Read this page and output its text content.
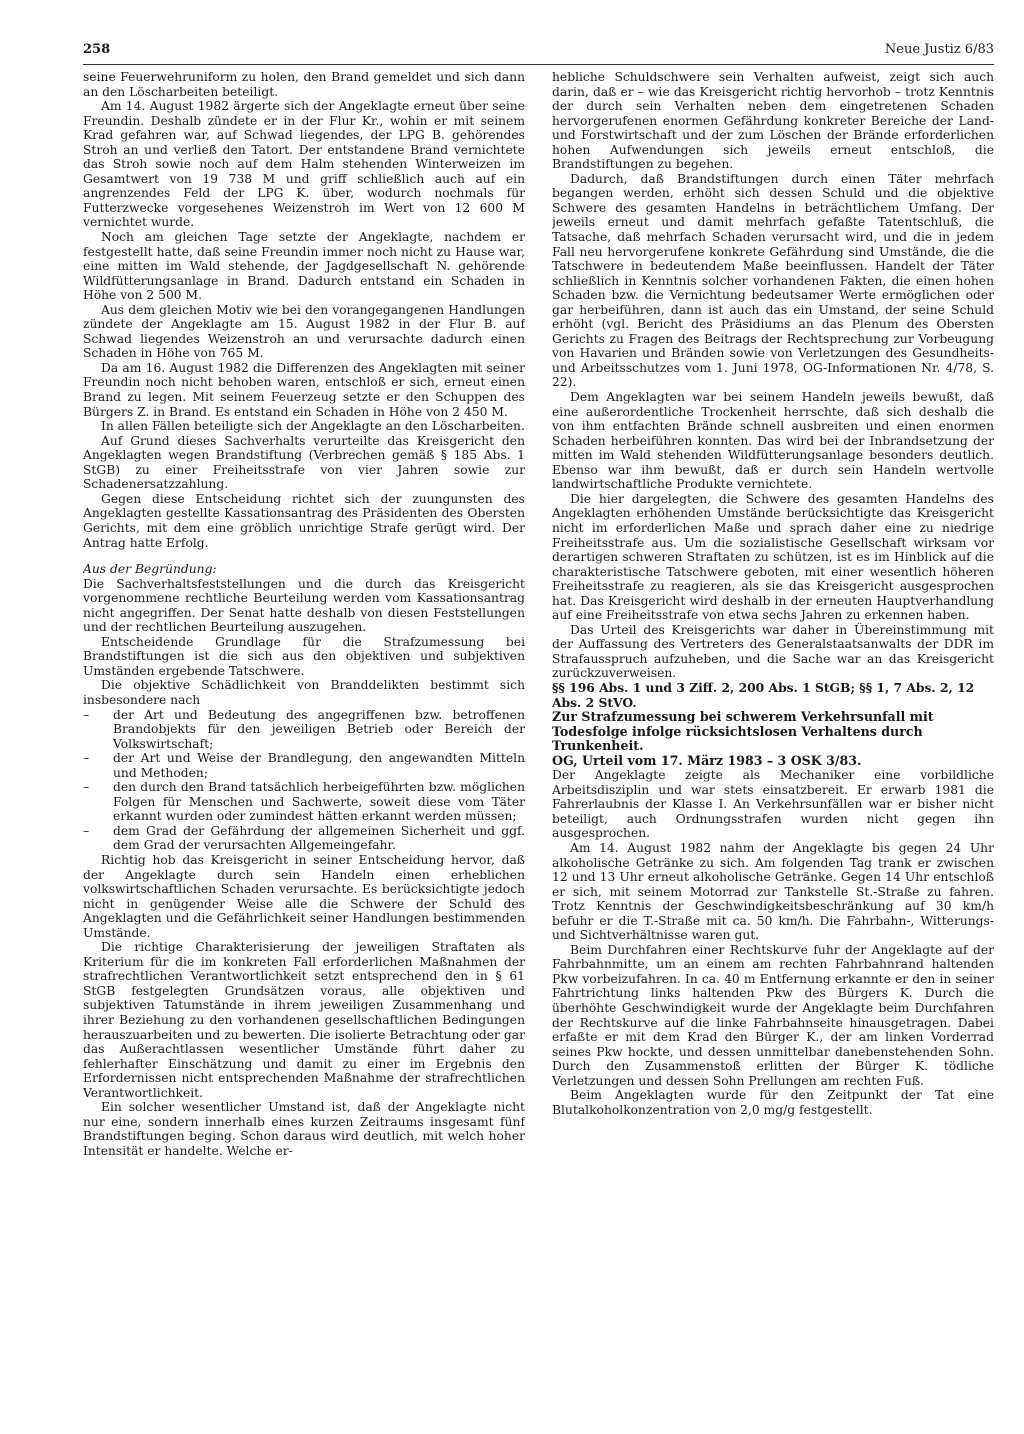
258	Neue Justiz 6/83

seine Feuerwehruniform zu holen, den Brand gemeldet und sich dann an den Löscharbeiten beteiligt.

Am 14. August 1982 ärgerte sich der Angeklagte erneut über seine Freundin. Deshalb zündete er in der Flur Kr., wohin er mit seinem Krad gefahren war, auf Schwad liegendes, der LPG B. gehörendes Stroh an und verließ den Tatort. Der entstandene Brand vernichtete das Stroh sowie noch auf dem Halm stehenden Winterweizen im Gesamtwert von 19 738 M und griff schließlich auch auf ein angrenzendes Feld der LPG K. über, wodurch nochmals für Futterzwecke vorgesehenes Weizenstroh im Wert von 12 600 M vernichtet wurde.

Noch am gleichen Tage setzte der Angeklagte, nachdem er festgestellt hatte, daß seine Freundin immer noch nicht zu Hause war, eine mitten im Wald stehende, der Jagdgesellschaft N. gehörende Wildfütterungsanlage in Brand. Dadurch entstand ein Schaden in Höhe von 2 500 M.

Aus dem gleichen Motiv wie bei den vorangegangenen Handlungen zündete der Angeklagte am 15. August 1982 in der Flur B. auf Schwad liegendes Weizenstroh an und verursachte dadurch einen Schaden in Höhe von 765 M.

Da am 16. August 1982 die Differenzen des Angeklagten mit seiner Freundin noch nicht behoben waren, entschloß er sich, erneut einen Brand zu legen. Mit seinem Feuerzeug setzte er den Schuppen des Bürgers Z. in Brand. Es entstand ein Schaden in Höhe von 2 450 M.

In allen Fällen beteiligte sich der Angeklagte an den Löscharbeiten.

Auf Grund dieses Sachverhalts verurteilte das Kreisgericht den Angeklagten wegen Brandstiftung (Verbrechen gemäß § 185 Abs. 1 StGB) zu einer Freiheitsstrafe von vier Jahren sowie zur Schadenersatzzahlung.

Gegen diese Entscheidung richtet sich der zuungunsten des Angeklagten gestellte Kassationsantrag des Präsidenten des Obersten Gerichts, mit dem eine gröblich unrichtige Strafe gerügt wird. Der Antrag hatte Erfolg.

Aus der Begründung:

Die Sachverhaltsfeststellungen und die durch das Kreisgericht vorgenommene rechtliche Beurteilung werden vom Kassationsantrag nicht angegriffen. Der Senat hatte deshalb von diesen Feststellungen und der rechtlichen Beurteilung auszugehen.

Entscheidende Grundlage für die Strafzumessung bei Brandstiftungen ist die sich aus den objektiven und subjektiven Umständen ergebende Tatschwere.

Die objektive Schädlichkeit von Branddelikten bestimmt sich insbesondere nach

– der Art und Bedeutung des angegriffenen bzw. betroffenen Brandobjekts für den jeweiligen Betrieb oder Bereich der Volkswirtschaft;
– der Art und Weise der Brandlegung, den angewandten Mitteln und Methoden;
– den durch den Brand tatsächlich herbeigeführten bzw. möglichen Folgen für Menschen und Sachwerte, soweit diese vom Täter erkannt wurden oder zumindest hätten erkannt werden müssen;
– dem Grad der Gefährdung der allgemeinen Sicherheit und ggf. dem Grad der verursachten Allgemeingefahr.

Richtig hob das Kreisgericht in seiner Entscheidung hervor, daß der Angeklagte durch sein Handeln einen erheblichen volkswirtschaftlichen Schaden verursachte. Es berücksichtigte jedoch nicht in genügender Weise alle die Schwere der Schuld des Angeklagten und die Gefährlichkeit seiner Handlungen bestimmenden Umstände.

Die richtige Charakterisierung der jeweiligen Straftaten als Kriterium für die im konkreten Fall erforderlichen Maßnahmen der strafrechtlichen Verantwortlichkeit setzt entsprechend den in § 61 StGB festgelegten Grundsätzen voraus, alle objektiven und subjektiven Tatumstände in ihrem jeweiligen Zusammenhang und ihrer Beziehung zu den vorhandenen gesellschaftlichen Bedingungen herauszuarbeiten und zu bewerten. Die isolierte Betrachtung oder gar das Außerachtlassen wesentlicher Umstände führt daher zu fehlerhafter Einschätzung und damit zu einer im Ergebnis den Erfordernissen nicht entsprechenden Maßnahme der strafrechtlichen Verantwortlichkeit.

Ein solcher wesentlicher Umstand ist, daß der Angeklagte nicht nur eine, sondern innerhalb eines kurzen Zeitraums insgesamt fünf Brandstiftungen beging. Schon daraus wird deutlich, mit welch hoher Intensität er handelte. Welche er-

hebliche Schuldschwere sein Verhalten aufweist, zeigt sich auch darin, daß er – wie das Kreisgericht richtig hervorhob – trotz Kenntnis der durch sein Verhalten neben dem eingetretenen Schaden hervorgerufenen enormen Gefährdung konkreter Bereiche der Land- und Forstwirtschaft und der zum Löschen der Brände erforderlichen hohen Aufwendungen sich jeweils erneut entschloß, die Brandstiftungen zu begehen.

Dadurch, daß Brandstiftungen durch einen Täter mehrfach begangen werden, erhöht sich dessen Schuld und die objektive Schwere des gesamten Handelns in beträchtlichem Umfang. Der jeweils erneut und damit mehrfach gefaßte Tatentschluß, die Tatsache, daß mehrfach Schaden verursacht wird, und die in jedem Fall neu hervorgerufene konkrete Gefährdung sind Umstände, die die Tatschwere in bedeutendem Maße beeinflussen. Handelt der Täter schließlich in Kenntnis solcher vorhandenen Fakten, die einen hohen Schaden bzw. die Vernichtung bedeutsamer Werte ermöglichen oder gar herbeiführen, dann ist auch das ein Umstand, der seine Schuld erhöht (vgl. Bericht des Präsidiums an das Plenum des Obersten Gerichts zu Fragen des Beitrags der Rechtsprechung zur Vorbeugung von Havarien und Bränden sowie von Verletzungen des Gesundheits- und Arbeitsschutzes vom 1. Juni 1978, OG-Informationen Nr. 4/78, S. 22).

Dem Angeklagten war bei seinem Handeln jeweils bewußt, daß eine außerordentliche Trockenheit herrschte, daß sich deshalb die von ihm entfachten Brände schnell ausbreiten und einen enormen Schaden herbeiführen konnten. Das wird bei der Inbrandsetzung der mitten im Wald stehenden Wildfütterungsanlage besonders deutlich. Ebenso war ihm bewußt, daß er durch sein Handeln wertvolle landwirtschaftliche Produkte vernichtete.

Die hier dargelegten, die Schwere des gesamten Handelns des Angeklagten erhöhenden Umstände berücksichtigte das Kreisgericht nicht im erforderlichen Maße und sprach daher eine zu niedrige Freiheitsstrafe aus. Um die sozialistische Gesellschaft wirksam vor derartigen schweren Straftaten zu schützen, ist es im Hinblick auf die charakteristische Tatschwere geboten, mit einer wesentlich höheren Freiheitsstrafe zu reagieren, als sie das Kreisgericht ausgesprochen hat. Das Kreisgericht wird deshalb in der erneuten Hauptverhandlung auf eine Freiheitsstrafe von etwa sechs Jahren zu erkennen haben.

Das Urteil des Kreisgerichts war daher in Übereinstimmung mit der Auffassung des Vertreters des Generalstaatsanwalts der DDR im Strafausspruch aufzuheben, und die Sache war an das Kreisgericht zurückzuverweisen.

§§ 196 Abs. 1 und 3 Ziff. 2, 200 Abs. 1 StGB; §§ 1, 7 Abs. 2, 12 Abs. 2 StVO.

Zur Strafzumessung bei schwerem Verkehrsunfall mit Todesfolge infolge rücksichtslosen Verhaltens durch Trunkenheit.

OG, Urteil vom 17. März 1983 – 3 OSK 3/83.

Der Angeklagte zeigte als Mechaniker eine vorbildliche Arbeitsdisziplin und war stets einsatzbereit. Er erwarb 1981 die Fahrerlaubnis der Klasse I. An Verkehrsunfällen war er bisher nicht beteiligt, auch Ordnungsstrafen wurden nicht gegen ihn ausgesprochen.

Am 14. August 1982 nahm der Angeklagte bis gegen 24 Uhr alkoholische Getränke zu sich. Am folgenden Tag trank er zwischen 12 und 13 Uhr erneut alkoholische Getränke. Gegen 14 Uhr entschloß er sich, mit seinem Motorrad zur Tankstelle St.-Straße zu fahren. Trotz Kenntnis der Geschwindigkeitsbeschränkung auf 30 km/h befuhr er die T.-Straße mit ca. 50 km/h. Die Fahrbahn-, Witterungs- und Sichtverhältnisse waren gut.

Beim Durchfahren einer Rechtskurve fuhr der Angeklagte auf der Fahrbahnmitte, um an einem am rechten Fahrbahnrand haltenden Pkw vorbeizufahren. In ca. 40 m Entfernung erkannte er den in seiner Fahrtrichtung links haltenden Pkw des Bürgers K. Durch die überhöhte Geschwindigkeit wurde der Angeklagte beim Durchfahren der Rechtskurve auf die linke Fahrbahnseite hinausgetragen. Dabei erfaßte er mit dem Krad den Bürger K., der am linken Vorderrad seines Pkw hockte, und dessen unmittelbar danebenstehenden Sohn. Durch den Zusammenstoß erlitten der Bürger K. tödliche Verletzungen und dessen Sohn Prellungen am rechten Fuß.

Beim Angeklagten wurde für den Zeitpunkt der Tat eine Blutalkoholkonzentration von 2,0 mg/g festgestellt.
